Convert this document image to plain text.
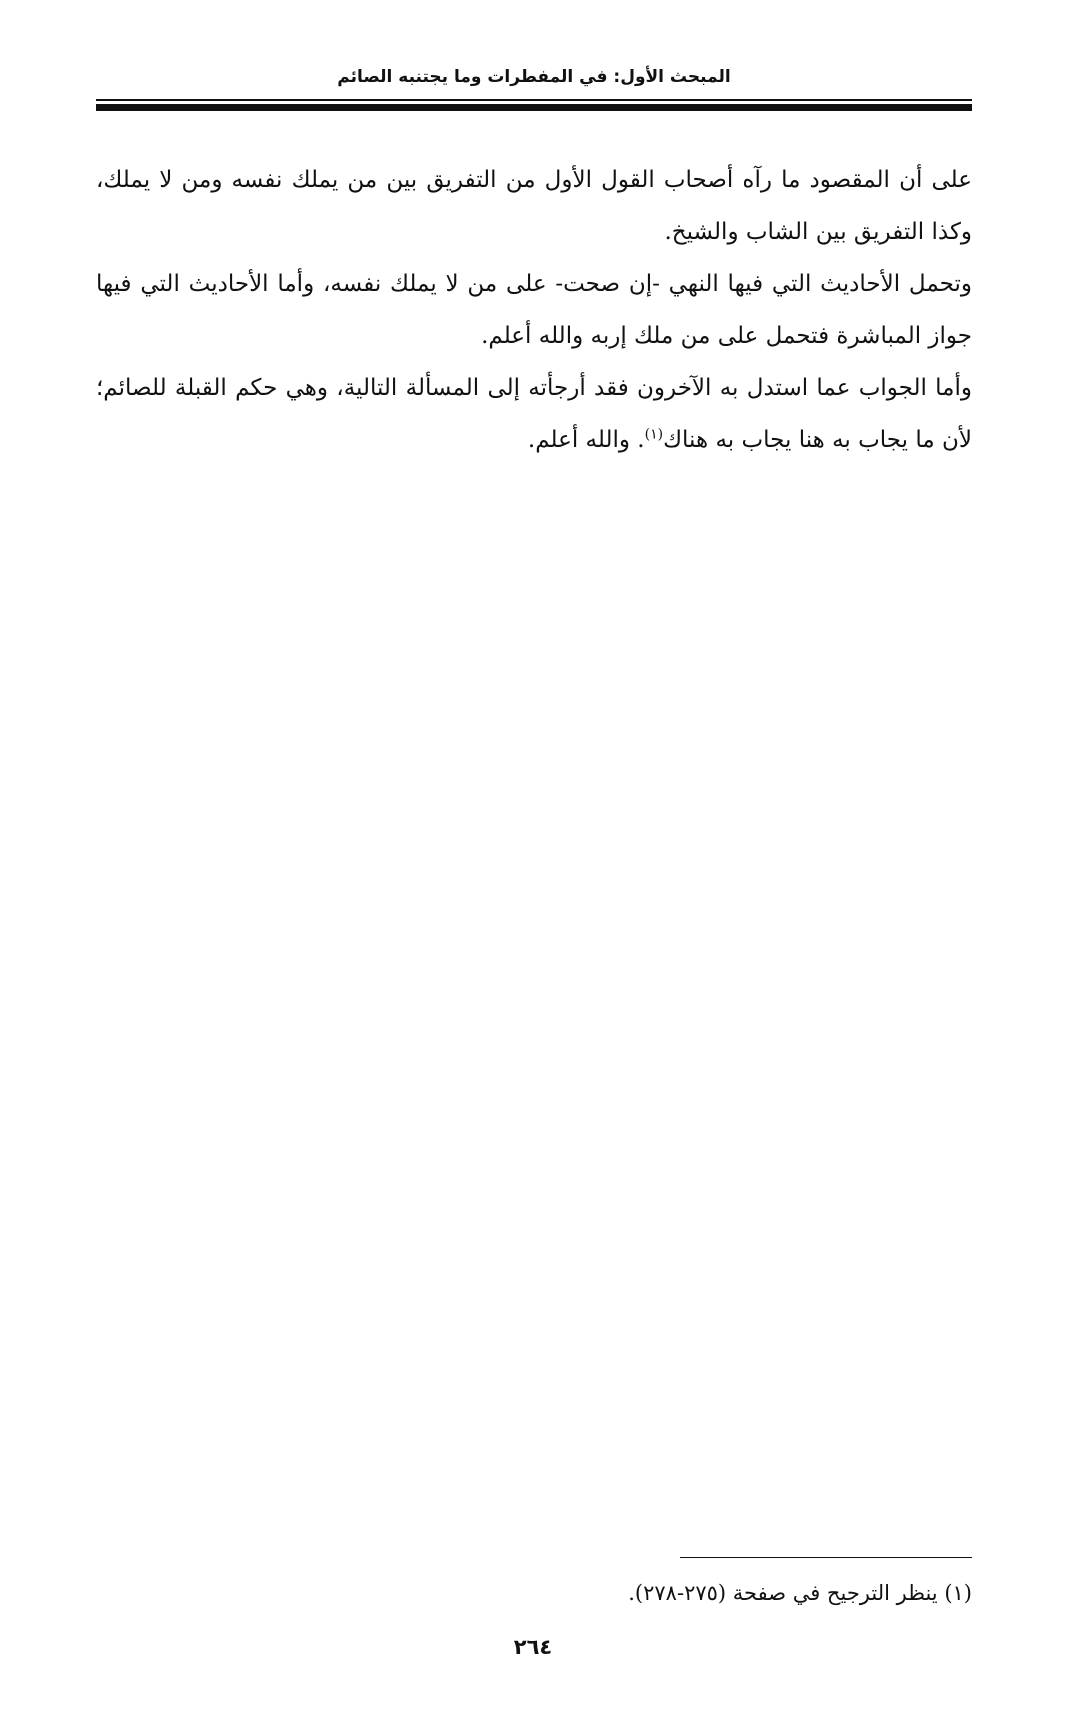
المبحث الأول: في المفطرات وما يجتنبه الصائم

على أن المقصود ما رآه أصحاب القول الأول من التفريق بين من يملك نفسه ومن لا يملك، وكذا التفريق بين الشاب والشيخ.

وتحمل الأحاديث التي فيها النهي -إن صحت- على من لا يملك نفسه، وأما الأحاديث التي فيها جواز المباشرة فتحمل على من ملك إربه والله أعلم.

وأما الجواب عما استدل به الآخرون فقد أرجأته إلى المسألة التالية، وهي حكم القبلة للصائم؛ لأن ما يجاب به هنا يجاب به هناك$^{(١)}$. والله أعلم.

(١) ينظر الترجيح في صفحة (٢٧٥-٢٧٨).
٢٦٤
